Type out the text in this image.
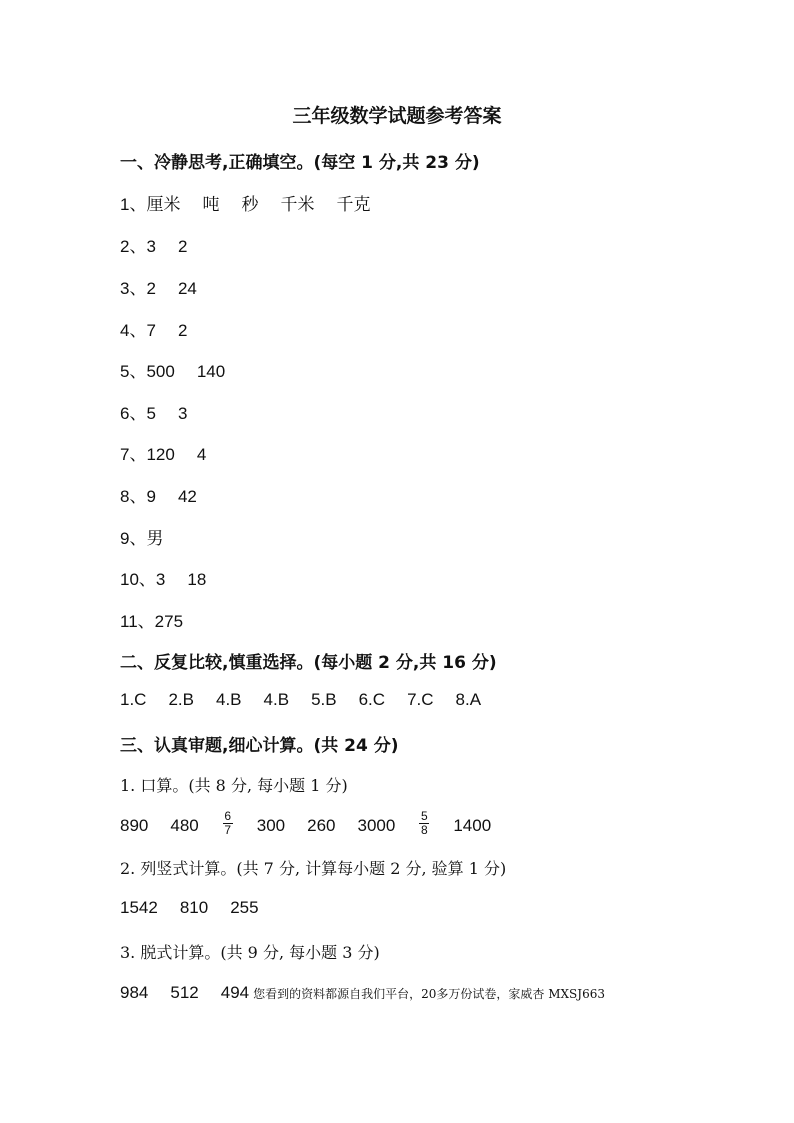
三年级数学试题参考答案
一、冷静思考,正确填空。(每空 1 分,共 23 分)
1、厘米 吨 秒 千米 千克
2、3 2
3、2 24
4、7 2
5、500 140
6、5 3
7、120 4
8、9 42
9、男
10、3 18
11、275
二、反复比较,慎重选择。(每小题 2 分,共 16 分)
1.C 2.B 4.B 4.B 5.B 6.C 7.C 8.A
三、认真审题,细心计算。(共 24 分)
1. 口算。(共 8 分, 每小题 1 分)
890 $480 \frac{6}{7} 300$ 260 $3000 \frac{5}{8} 1400$
2. 列竖式计算。(共 7 分, 计算每小题 2 分, 验算 1 分)
1542 810 255
3. 脱式计算。(共 9 分, 每小题 3 分)
984 512 494 您看到的资料都源自我们平台，20多万份试卷，家威杏 MXSJ663
